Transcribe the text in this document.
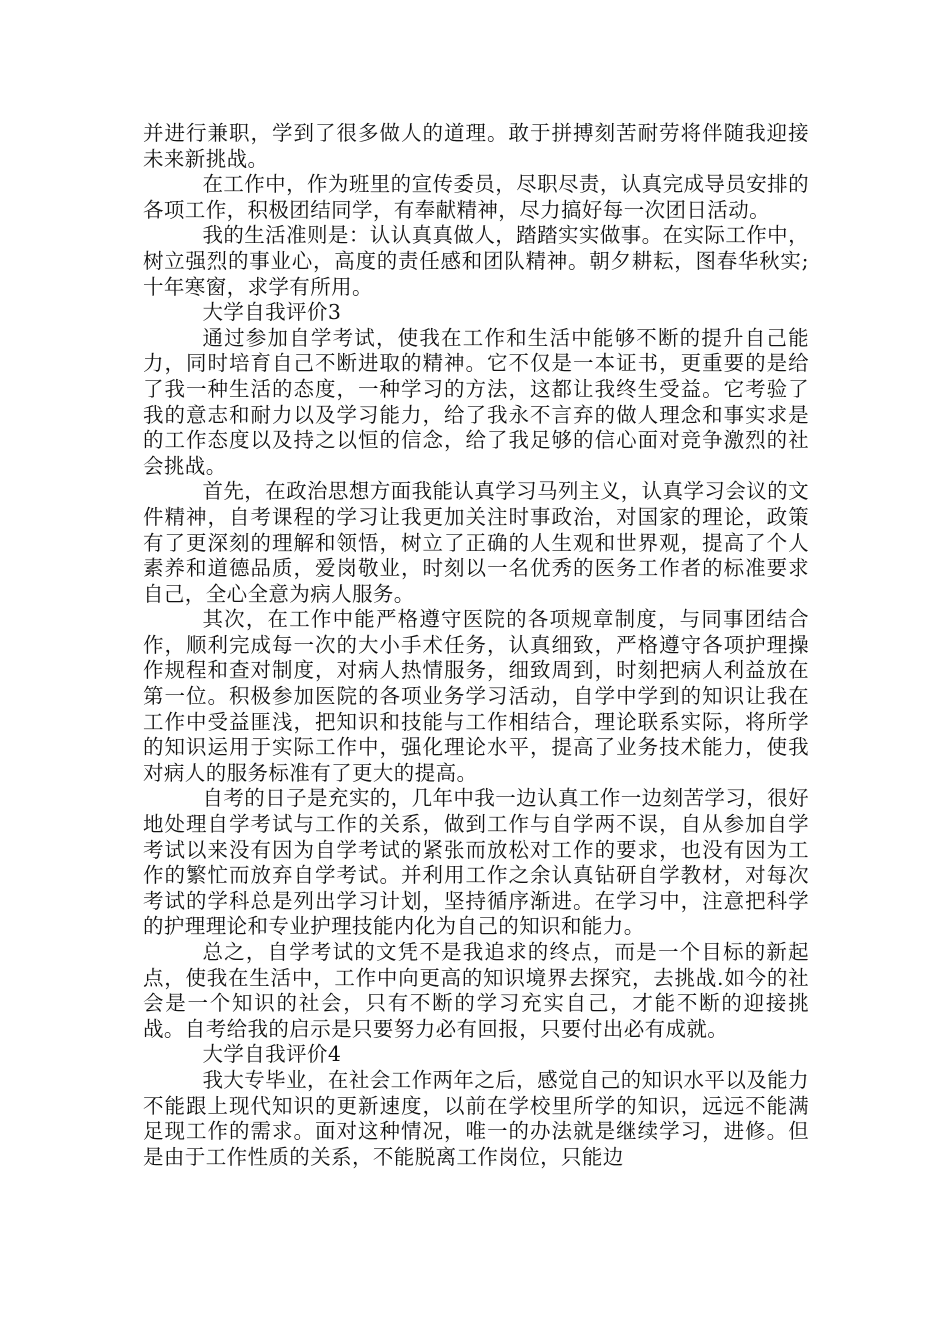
并进行兼职，学到了很多做人的道理。敢于拼搏刻苦耐劳将伴随我迎接未来新挑战。

在工作中，作为班里的宣传委员，尽职尽责，认真完成导员安排的各项工作，积极团结同学，有奉献精神，尽力搞好每一次团日活动。

我的生活准则是：认认真真做人，踏踏实实做事。在实际工作中，树立强烈的事业心，高度的责任感和团队精神。朝夕耕耘，图春华秋实;十年寒窗，求学有所用。

大学自我评价3

通过参加自学考试，使我在工作和生活中能够不断的提升自己能力，同时培育自己不断进取的精神。它不仅是一本证书，更重要的是给了我一种生活的态度，一种学习的方法，这都让我终生受益。它考验了我的意志和耐力以及学习能力，给了我永不言弃的做人理念和事实求是的工作态度以及持之以恒的信念，给了我足够的信心面对竞争激烈的社会挑战。

首先，在政治思想方面我能认真学习马列主义，认真学习会议的文件精神，自考课程的学习让我更加关注时事政治，对国家的理论，政策有了更深刻的理解和领悟，树立了正确的人生观和世界观，提高了个人素养和道德品质，爱岗敬业，时刻以一名优秀的医务工作者的标准要求自己，全心全意为病人服务。

其次，在工作中能严格遵守医院的各项规章制度，与同事团结合作，顺利完成每一次的大小手术任务，认真细致，严格遵守各项护理操作规程和查对制度，对病人热情服务，细致周到，时刻把病人利益放在第一位。积极参加医院的各项业务学习活动，自学中学到的知识让我在工作中受益匪浅，把知识和技能与工作相结合，理论联系实际，将所学的知识运用于实际工作中，强化理论水平，提高了业务技术能力，使我对病人的服务标准有了更大的提高。

自考的日子是充实的，几年中我一边认真工作一边刻苦学习，很好地处理自学考试与工作的关系，做到工作与自学两不误，自从参加自学考试以来没有因为自学考试的紧张而放松对工作的要求，也没有因为工作的繁忙而放弃自学考试。并利用工作之余认真钻研自学教材，对每次考试的学科总是列出学习计划，坚持循序渐进。在学习中，注意把科学的护理理论和专业护理技能内化为自己的知识和能力。

总之，自学考试的文凭不是我追求的终点，而是一个目标的新起点，使我在生活中，工作中向更高的知识境界去探究，去挑战.如今的社会是一个知识的社会，只有不断的学习充实自己，才能不断的迎接挑战。自考给我的启示是只要努力必有回报，只要付出必有成就。

大学自我评价4

我大专毕业，在社会工作两年之后，感觉自己的知识水平以及能力不能跟上现代知识的更新速度，以前在学校里所学的知识，远远不能满足现工作的需求。面对这种情况，唯一的办法就是继续学习，进修。但是由于工作性质的关系，不能脱离工作岗位，只能边
